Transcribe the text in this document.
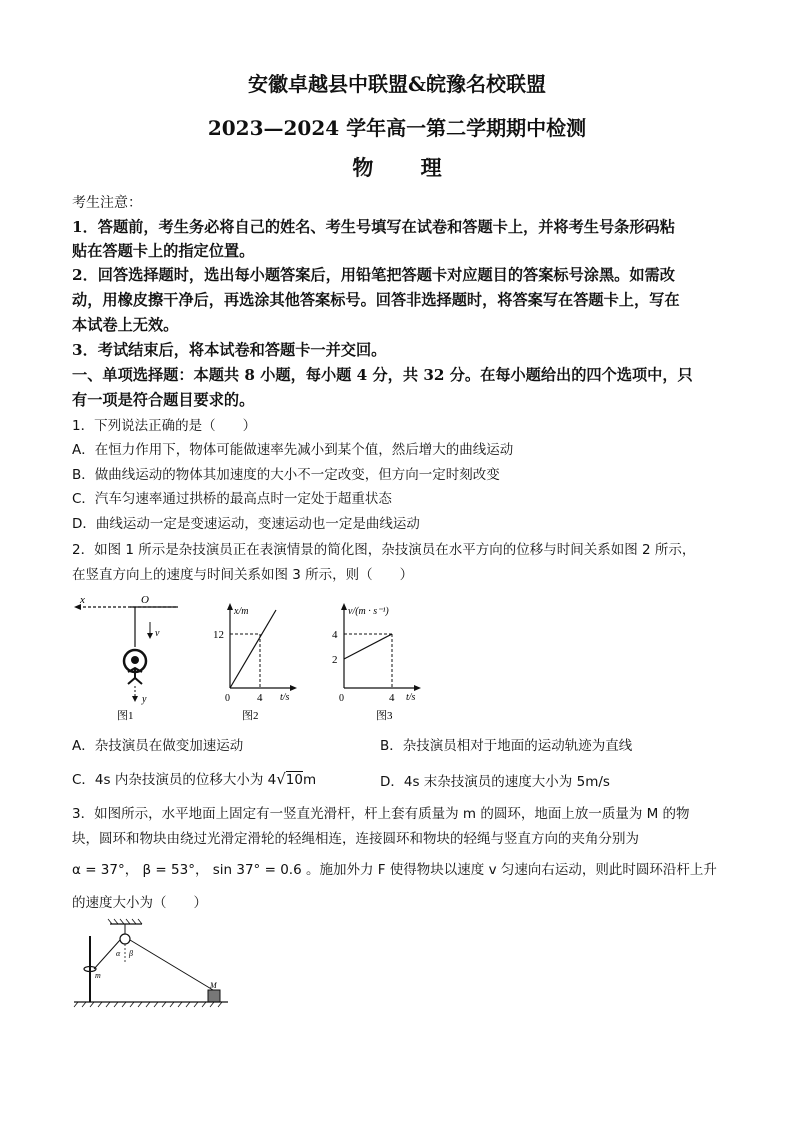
安徽卓越县中联盟&皖豫名校联盟
2023—2024 学年高一第二学期期中检测
物 理
考生注意：
1．答题前，考生务必将自己的姓名、考生号填写在试卷和答题卡上，并将考生号条形码粘
贴在答题卡上的指定位置。
2．回答选择题时，选出每小题答案后，用铅笔把答题卡对应题目的答案标号涂黑。如需改
动，用橡皮擦干净后，再选涂其他答案标号。回答非选择题时，将答案写在答题卡上，写在
本试卷上无效。
3．考试结束后，将本试卷和答题卡一并交回。
一、单项选择题：本题共 8 小题，每小题 4 分，共 32 分。在每小题给出的四个选项中，只
有一项是符合题目要求的。
1．下列说法正确的是（　　）
A．在恒力作用下，物体可能做速率先减小到某个值，然后增大的曲线运动
B．做曲线运动的物体其加速度的大小不一定改变，但方向一定时刻改变
C．汽车匀速率通过拱桥的最高点时一定处于超重状态
D．曲线运动一定是变速运动，变速运动也一定是曲线运动
2．如图 1 所示是杂技演员正在表演情景的简化图，杂技演员在水平方向的位移与时间关系如图 2 所示，
在竖直方向上的速度与时间关系如图 3 所示，则（　　）
x	O
v
y
图1
x/m
t/s
0
12
4
图2
v/(m · s⁻¹)
t/s
0
4
2
4
图3
A．杂技演员在做变加速运动	B．杂技演员相对于地面的运动轨迹为直线
C．4s 内杂技演员的位移大小为 4√10m	D．4s 末杂技演员的速度大小为 5m/s
3．如图所示，水平地面上固定有一竖直光滑杆，杆上套有质量为 m 的圆环，地面上放一质量为 M 的物
块，圆环和物块由绕过光滑定滑轮的轻绳相连，连接圆环和物块的轻绳与竖直方向的夹角分别为
α = 37°， β = 53°， sin 37° = 0.6 。施加外力 F 使得物块以速度 v 匀速向右运动，则此时圆环沿杆上升
的速度大小为（　　）
m
α β
M
